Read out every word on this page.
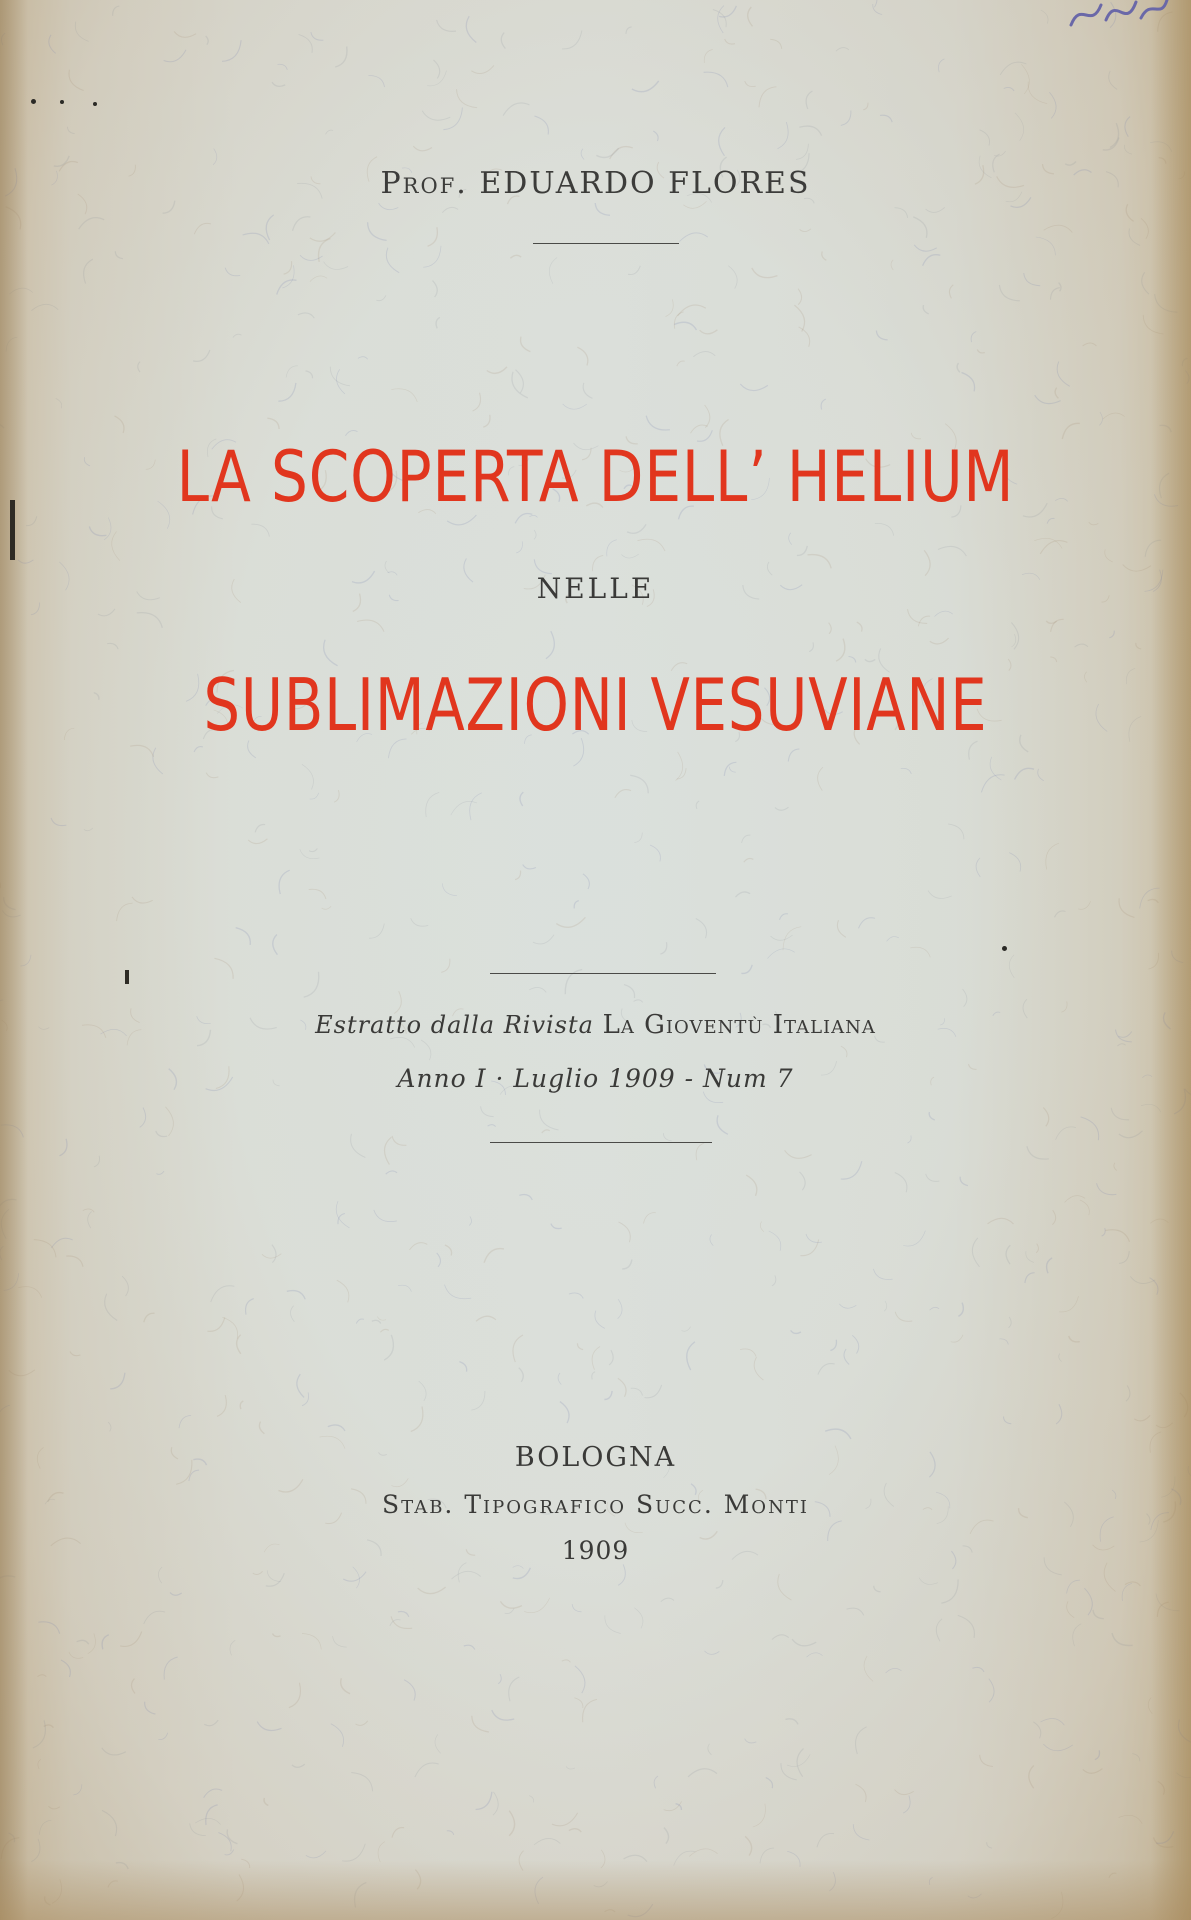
Prof. EDUARDO FLORES
LA SCOPERTA DELL’ HELIUM
NELLE
SUBLIMAZIONI VESUVIANE
Estratto dalla Rivista La Gioventù Italiana
Anno I · Luglio 1909 - Num 7
BOLOGNA
Stab. Tipografico Succ. Monti
1909
